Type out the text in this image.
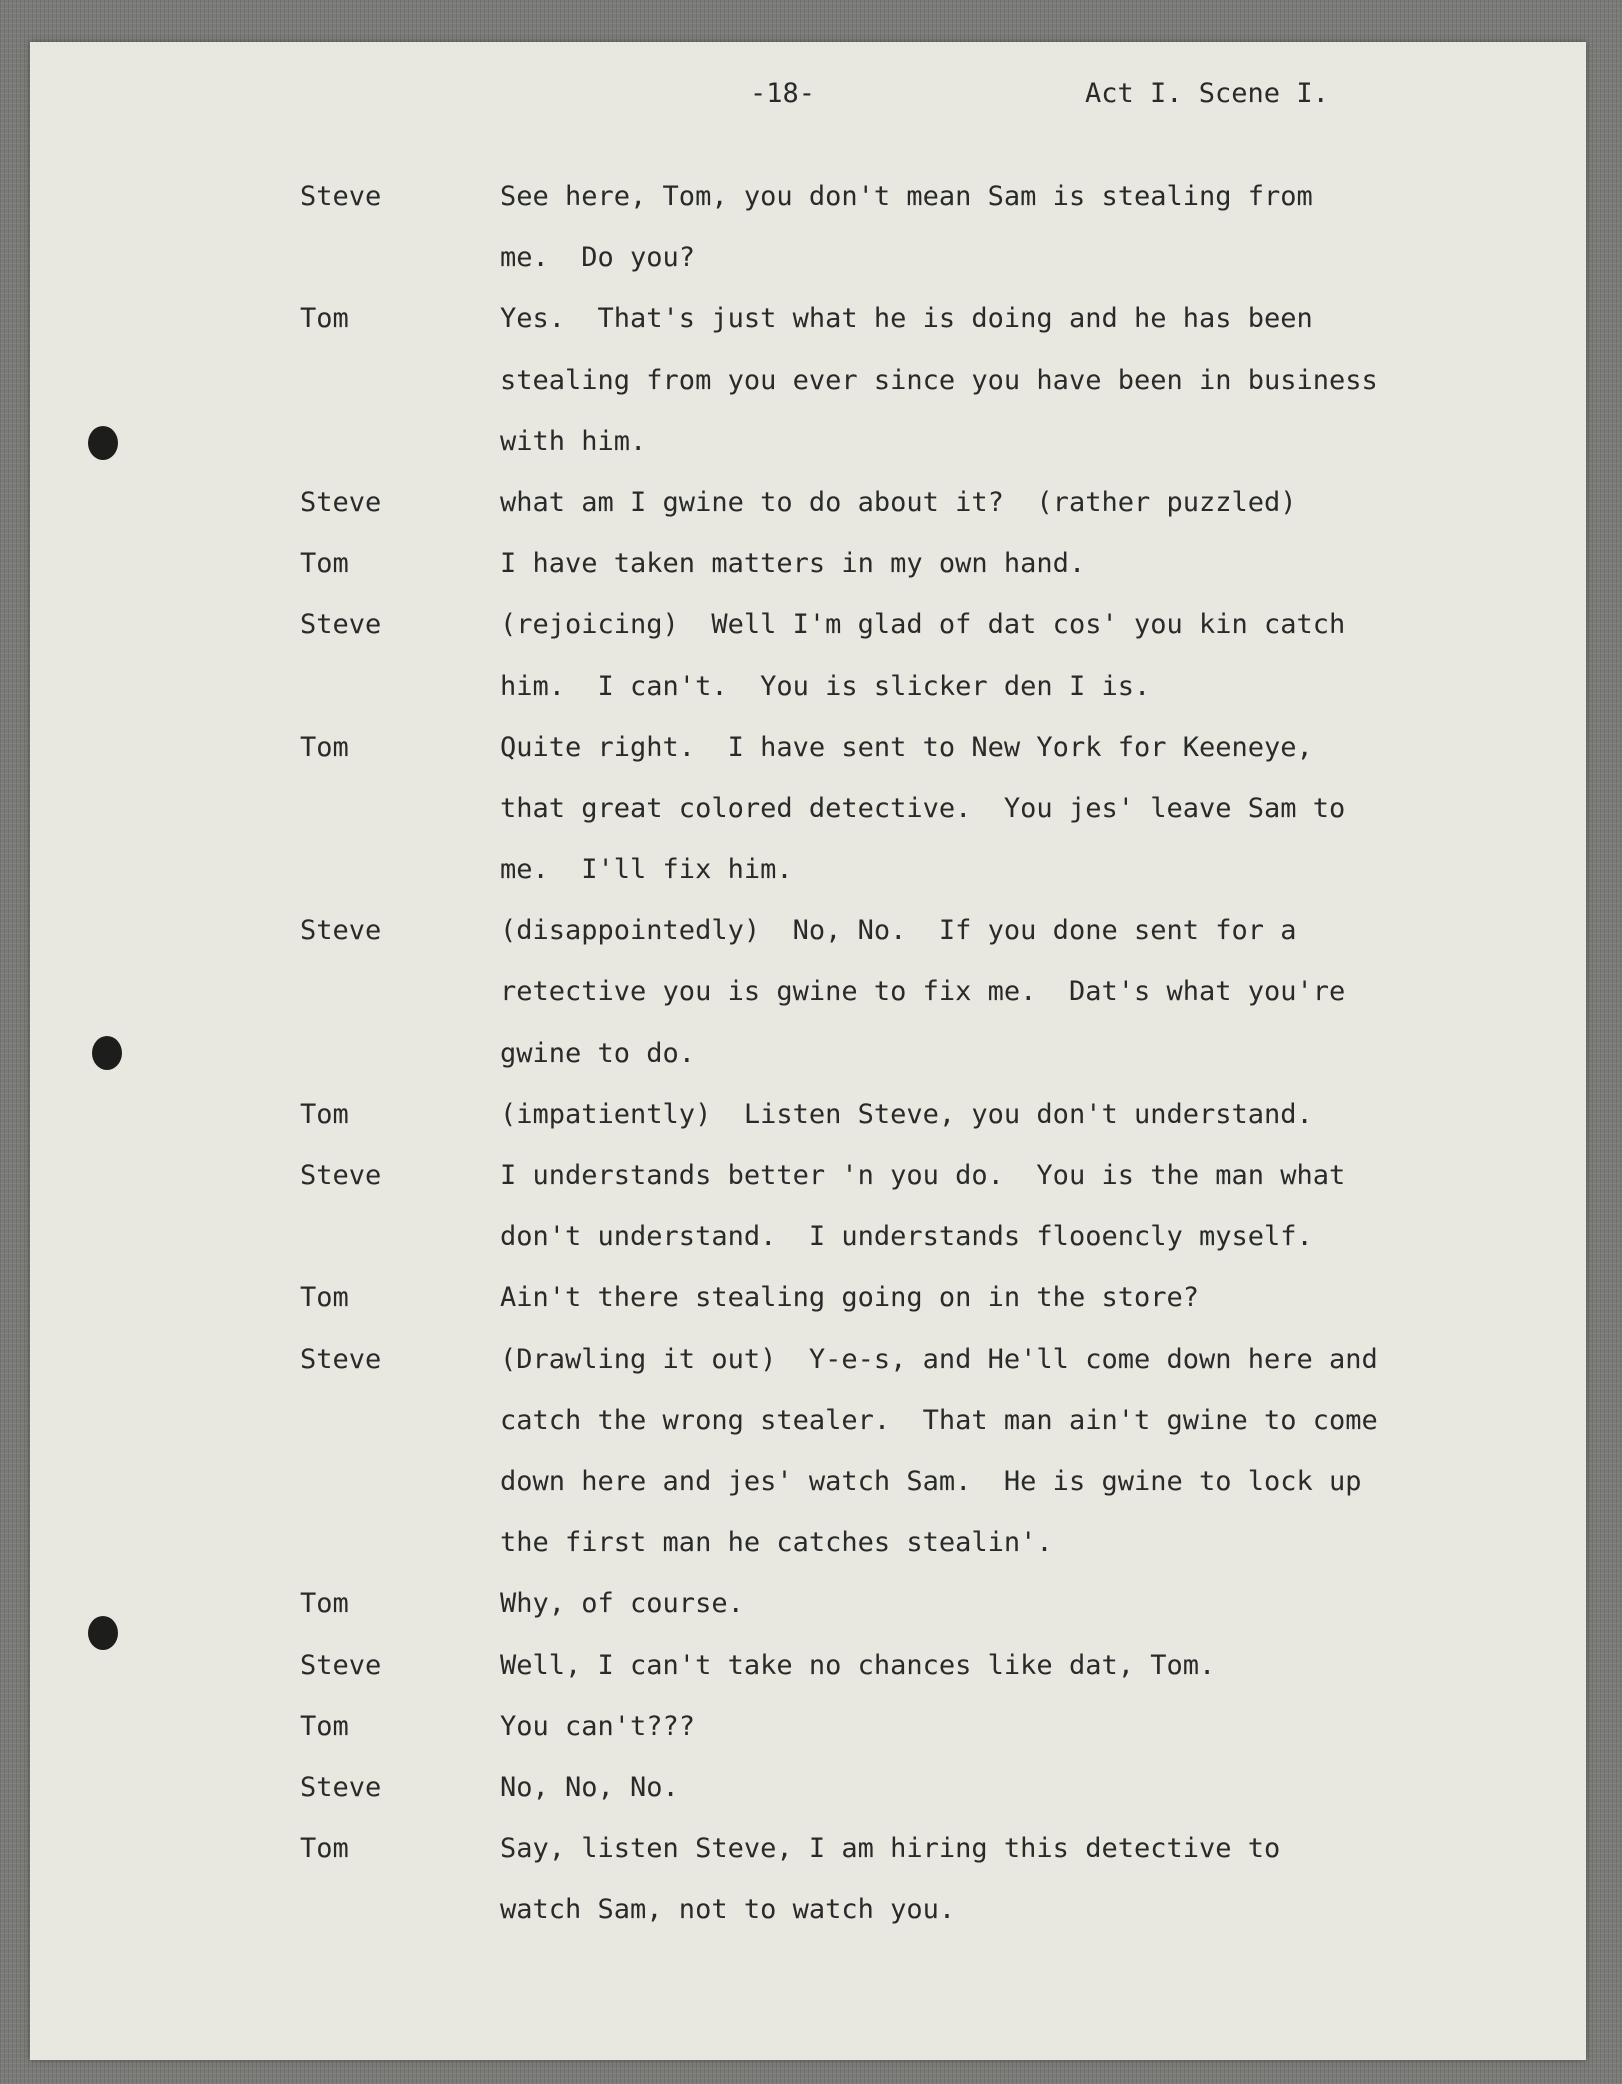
-18-	Act I. Scene I.
Steve	See here, Tom, you don't mean Sam is stealing from
me.  Do you?
Tom	Yes.  That's just what he is doing and he has been
stealing from you ever since you have been in business
with him.
Steve	what am I gwine to do about it?  (rather puzzled)
Tom	I have taken matters in my own hand.
Steve	(rejoicing)  Well I'm glad of dat cos' you kin catch
him.  I can't.  You is slicker den I is.
Tom	Quite right.  I have sent to New York for Keeneye,
that great colored detective.  You jes' leave Sam to
me.  I'll fix him.
Steve	(disappointedly)  No, No.  If you done sent for a
retective you is gwine to fix me.  Dat's what you're
gwine to do.
Tom	(impatiently)  Listen Steve, you don't understand.
Steve	I understands better 'n you do.  You is the man what
don't understand.  I understands flooencly myself.
Tom	Ain't there stealing going on in the store?
Steve	(Drawling it out)  Y-e-s, and He'll come down here and
catch the wrong stealer.  That man ain't gwine to come
down here and jes' watch Sam.  He is gwine to lock up
the first man he catches stealin'.
Tom	Why, of course.
Steve	Well, I can't take no chances like dat, Tom.
Tom	You can't???
Steve	No, No, No.
Tom	Say, listen Steve, I am hiring this detective to
watch Sam, not to watch you.
